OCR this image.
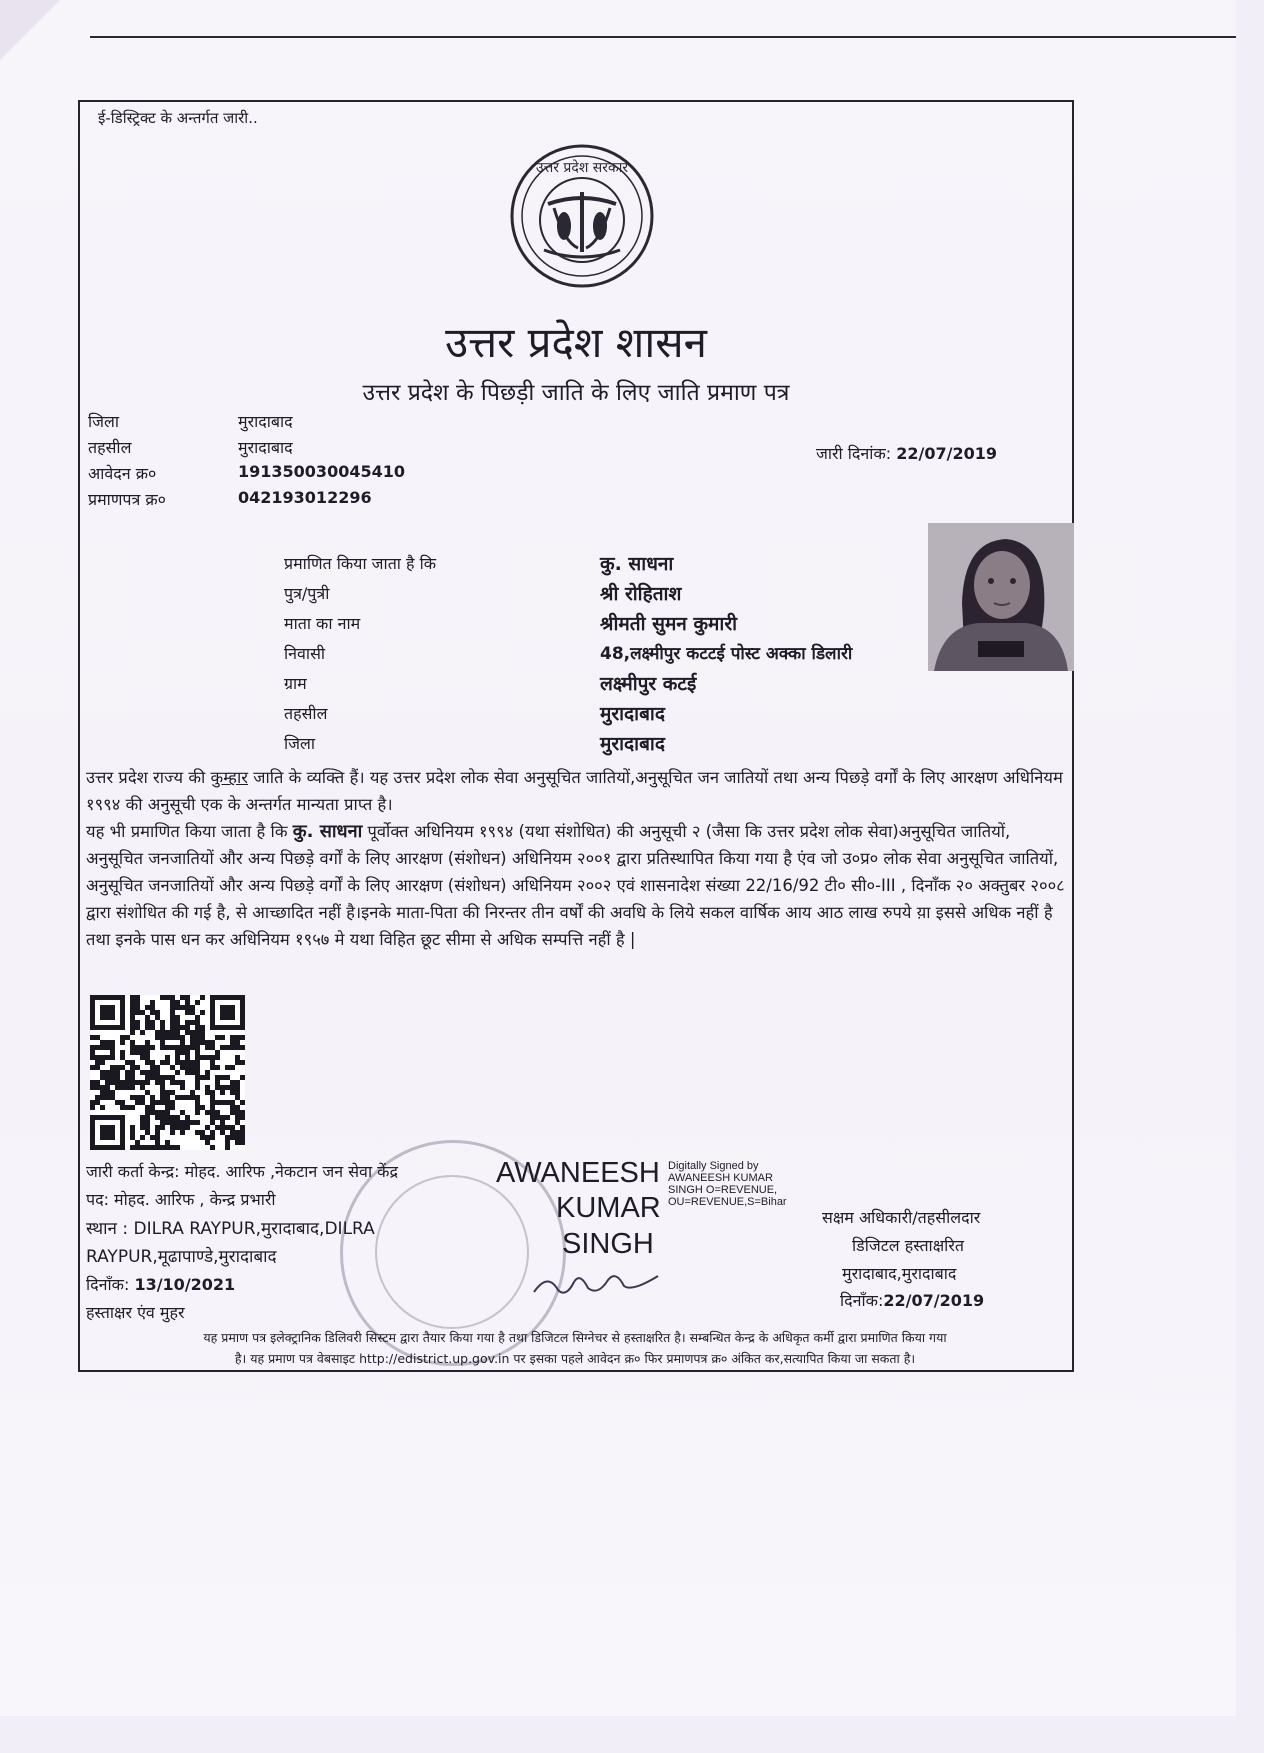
ई-डिस्ट्रिक्ट के अन्तर्गत जारी..
उत्तर प्रदेश सरकार
उत्तर प्रदेश शासन
उत्तर प्रदेश के पिछड़ी जाति के लिए जाति प्रमाण पत्र
जिला	मुरादाबाद
तहसील	मुरादाबाद
आवेदन क्र०	191350030045410
प्रमाणपत्र क्र०	042193012296
जारी दिनांक: 22/07/2019
प्रमाणित किया जाता है कि	कु. साधना
पुत्र/पुत्री	श्री रोहिताश
माता का नाम	श्रीमती सुमन कुमारी
निवासी	48,लक्ष्मीपुर कटटई पोस्ट अक्का डिलारी
ग्राम	लक्ष्मीपुर कटई
तहसील	मुरादाबाद
जिला	मुरादाबाद
उत्तर प्रदेश राज्य की कुम्हार जाति के व्यक्ति हैं। यह उत्तर प्रदेश लोक सेवा अनुसूचित जातियों,अनुसूचित जन जातियों तथा अन्य पिछड़े वर्गों के लिए आरक्षण अधिनियम १९९४ की अनुसूची एक के अन्तर्गत मान्यता प्राप्त है।
यह भी प्रमाणित किया जाता है कि कु. साधना पूर्वोक्त अधिनियम १९९४ (यथा संशोधित) की अनुसूची २ (जैसा कि उत्तर प्रदेश लोक सेवा)अनुसूचित जातियों, अनुसूचित जनजातियों और अन्य पिछड़े वर्गों के लिए आरक्षण (संशोधन) अधिनियम २००१ द्वारा प्रतिस्थापित किया गया है एंव जो उ०प्र० लोक सेवा अनुसूचित जातियों, अनुसूचित जनजातियों और अन्य पिछड़े वर्गों के लिए आरक्षण (संशोधन) अधिनियम २००२ एवं शासनादेश संख्या 22/16/92 टी० सी०-III , दिनाँक २० अक्तुबर २००८ द्वारा संशोधित की गई है, से आच्छादित नहीं है।इनके माता-पिता की निरन्तर तीन वर्षों की अवधि के लिये सकल वार्षिक आय आठ लाख रुपये य़ा इससे अधिक नहीं है तथा इनके पास धन कर अधिनियम १९५७ मे यथा विहित छूट सीमा से अधिक सम्पत्ति नहीं है |
जारी कर्ता केन्द्र: मोहद. आरिफ ,नेकटान जन सेवा केंद्र
पद: मोहद. आरिफ , केन्द्र प्रभारी
स्थान : DILRA RAYPUR,मुरादाबाद,DILRA
RAYPUR,मूढापाण्डे,मुरादाबाद
दिनाँक: 13/10/2021
हस्ताक्षर एंव मुहर
AWANEESH
KUMAR
SINGH
Digitally Signed by
AWANEESH KUMAR
SINGH O=REVENUE,
OU=REVENUE,S=Bihar
सक्षम अधिकारी/तहसीलदार
डिजिटल हस्ताक्षरित
मुरादाबाद,मुरादाबाद
दिनाँक:22/07/2019
यह प्रमाण पत्र इलेक्ट्रानिक डिलिवरी सिस्टम द्वारा तैयार किया गया है तथा डिजिटल सिग्नेचर से हस्ताक्षरित है। सम्बन्धित केन्द्र के अधिकृत कर्मी द्वारा प्रमाणित किया गया
है। यह प्रमाण पत्र वेबसाइट http://edistrict.up.gov.in पर इसका पहले आवेदन क्र० फिर प्रमाणपत्र क्र० अंकित कर,सत्यापित किया जा सकता है।
